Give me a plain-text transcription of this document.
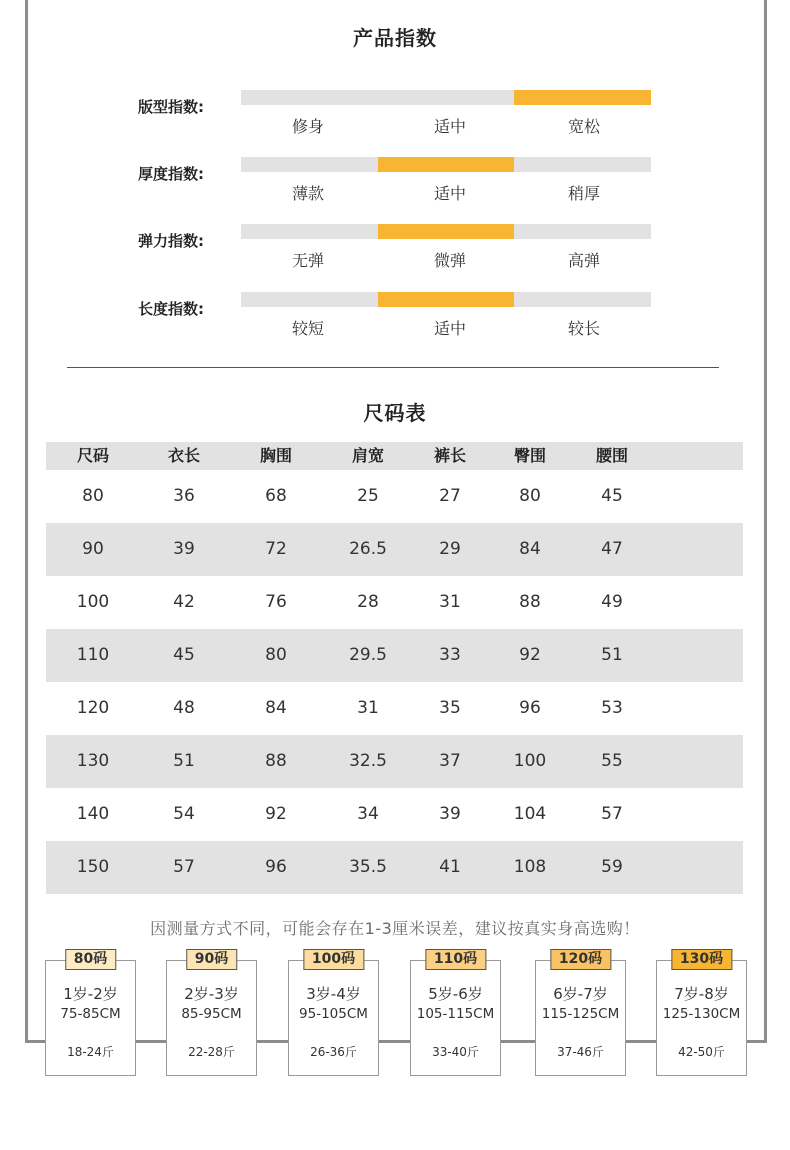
产品指数
版型指数:
修身	适中	宽松
厚度指数:
薄款	适中	稍厚
弹力指数:
无弹	微弹	高弹
长度指数:
较短	适中	较长
尺码表
尺码	衣长	胸围	肩宽	裤长	臀围	腰围
80	36	68	25	27	80	45
90	39	72	26.5	29	84	47
100	42	76	28	31	88	49
110	45	80	29.5	33	92	51
120	48	84	31	35	96	53
130	51	88	32.5	37	100	55
140	54	92	34	39	104	57
150	57	96	35.5	41	108	59

因测量方式不同，可能会存在1-3厘米误差，建议按真实身高选购！

80码
1岁-2岁
75-85CM
18-24斤
90码
2岁-3岁
85-95CM
22-28斤
100码
3岁-4岁
95-105CM
26-36斤
110码
5岁-6岁
105-115CM
33-40斤
120码
6岁-7岁
115-125CM
37-46斤
130码
7岁-8岁
125-130CM
42-50斤
